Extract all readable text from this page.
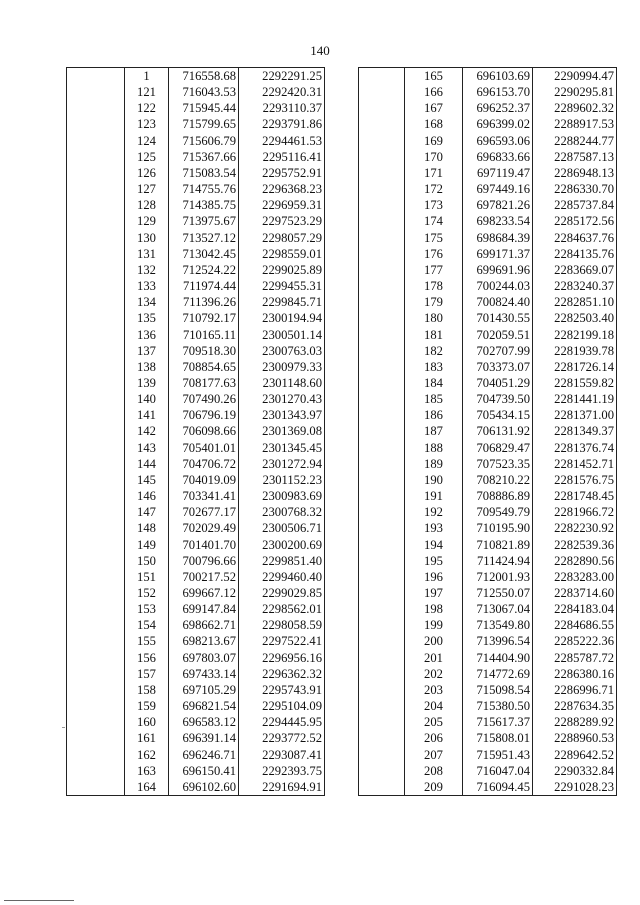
140
	1	716558.68	2292291.25
	121	716043.53	2292420.31
	122	715945.44	2293110.37
	123	715799.65	2293791.86
	124	715606.79	2294461.53
	125	715367.66	2295116.41
	126	715083.54	2295752.91
	127	714755.76	2296368.23
	128	714385.75	2296959.31
	129	713975.67	2297523.29
	130	713527.12	2298057.29
	131	713042.45	2298559.01
	132	712524.22	2299025.89
	133	711974.44	2299455.31
	134	711396.26	2299845.71
	135	710792.17	2300194.94
	136	710165.11	2300501.14
	137	709518.30	2300763.03
	138	708854.65	2300979.33
	139	708177.63	2301148.60
	140	707490.26	2301270.43
	141	706796.19	2301343.97
	142	706098.66	2301369.08
	143	705401.01	2301345.45
	144	704706.72	2301272.94
	145	704019.09	2301152.23
	146	703341.41	2300983.69
	147	702677.17	2300768.32
	148	702029.49	2300506.71
	149	701401.70	2300200.69
	150	700796.66	2299851.40
	151	700217.52	2299460.40
	152	699667.12	2299029.85
	153	699147.84	2298562.01
	154	698662.71	2298058.59
	155	698213.67	2297522.41
	156	697803.07	2296956.16
	157	697433.14	2296362.32
	158	697105.29	2295743.91
	159	696821.54	2295104.09
	160	696583.12	2294445.95
	161	696391.14	2293772.52
	162	696246.71	2293087.41
	163	696150.41	2292393.75
	164	696102.60	2291694.91
	165	696103.69	2290994.47
	166	696153.70	2290295.81
	167	696252.37	2289602.32
	168	696399.02	2288917.53
	169	696593.06	2288244.77
	170	696833.66	2287587.13
	171	697119.47	2286948.13
	172	697449.16	2286330.70
	173	697821.26	2285737.84
	174	698233.54	2285172.56
	175	698684.39	2284637.76
	176	699171.37	2284135.76
	177	699691.96	2283669.07
	178	700244.03	2283240.37
	179	700824.40	2282851.10
	180	701430.55	2282503.40
	181	702059.51	2282199.18
	182	702707.99	2281939.78
	183	703373.07	2281726.14
	184	704051.29	2281559.82
	185	704739.50	2281441.19
	186	705434.15	2281371.00
	187	706131.92	2281349.37
	188	706829.47	2281376.74
	189	707523.35	2281452.71
	190	708210.22	2281576.75
	191	708886.89	2281748.45
	192	709549.79	2281966.72
	193	710195.90	2282230.92
	194	710821.89	2282539.36
	195	711424.94	2282890.56
	196	712001.93	2283283.00
	197	712550.07	2283714.60
	198	713067.04	2284183.04
	199	713549.80	2284686.55
	200	713996.54	2285222.36
	201	714404.90	2285787.72
	202	714772.69	2286380.16
	203	715098.54	2286996.71
	204	715380.50	2287634.35
	205	715617.37	2288289.92
	206	715808.01	2288960.53
	207	715951.43	2289642.52
	208	716047.04	2290332.84
	209	716094.45	2291028.23
